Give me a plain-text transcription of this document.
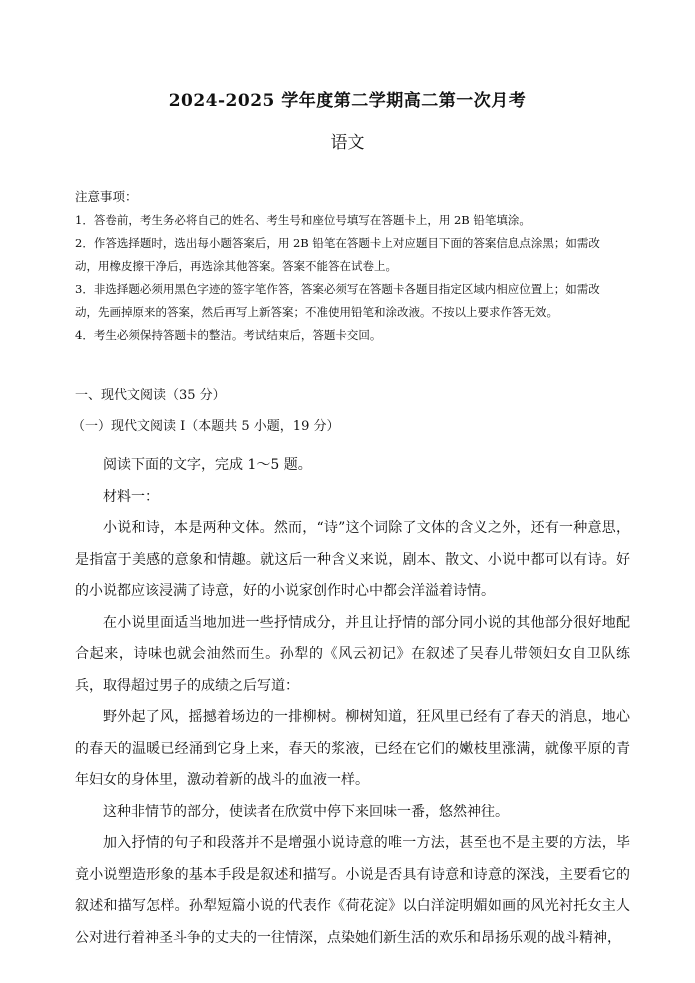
2024-2025 学年度第二学期高二第一次月考
语文
注意事项：
1．答卷前，考生务必将自己的姓名、考生号和座位号填写在答题卡上，用 2B 铅笔填涂。
2．作答选择题时，选出每小题答案后，用 2B 铅笔在答题卡上对应题目下面的答案信息点涂黑；如需改
动，用橡皮擦干净后，再选涂其他答案。答案不能答在试卷上。
3．非选择题必须用黑色字迹的签字笔作答，答案必须写在答题卡各题目指定区域内相应位置上；如需改
动，先画掉原来的答案，然后再写上新答案；不准使用铅笔和涂改液。不按以上要求作答无效。
4．考生必须保持答题卡的整洁。考试结束后，答题卡交回。
一、现代文阅读（35 分）
（一）现代文阅读 I（本题共 5 小题，19 分）
阅读下面的文字，完成 1～5 题。
材料一：
小说和诗，本是两种文体。然而，“诗”这个词除了文体的含义之外，还有一种意思，是指富于美感的意象和情趣。就这后一种含义来说，剧本、散文、小说中都可以有诗。好的小说都应该浸满了诗意，好的小说家创作时心中都会洋溢着诗情。
在小说里面适当地加进一些抒情成分，并且让抒情的部分同小说的其他部分很好地配合起来，诗味也就会油然而生。孙犁的《风云初记》在叙述了吴春儿带领妇女自卫队练兵，取得超过男子的成绩之后写道：
野外起了风，摇撼着场边的一排柳树。柳树知道，狂风里已经有了春天的消息，地心的春天的温暖已经涌到它身上来，春天的浆液，已经在它们的嫩枝里涨满，就像平原的青年妇女的身体里，激动着新的战斗的血液一样。
这种非情节的部分，使读者在欣赏中停下来回味一番，悠然神往。
加入抒情的句子和段落并不是增强小说诗意的唯一方法，甚至也不是主要的方法，毕竟小说塑造形象的基本手段是叙述和描写。小说是否具有诗意和诗意的深浅，主要看它的叙述和描写怎样。孙犁短篇小说的代表作《荷花淀》以白洋淀明媚如画的风光衬托女主人公对进行着神圣斗争的丈夫的一往情深，点染她们新生活的欢乐和昂扬乐观的战斗精神，
